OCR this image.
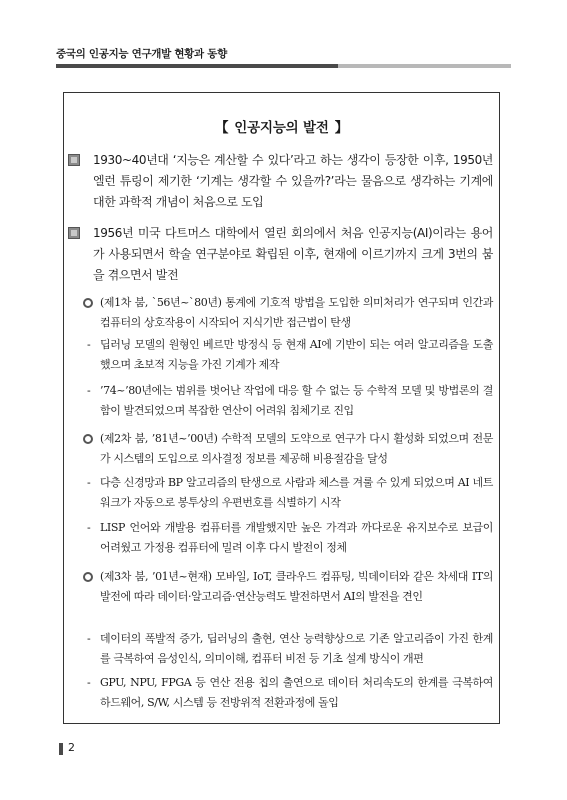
중국의 인공지능 연구개발 현황과 동향
【 인공지능의 발전 】
1930~40년대 ‘지능은 계산할 수 있다’라고 하는 생각이 등장한 이후, 1950년 엘런 튜링이 제기한 ‘기계는 생각할 수 있을까?’라는 물음으로 생각하는 기계에 대한 과학적 개념이 처음으로 도입
1956년 미국 다트머스 대학에서 열린 회의에서 처음 인공지능(AI)이라는 용어가 사용되면서 학술 연구분야로 확립된 이후, 현재에 이르기까지 크게 3번의 붐을 겪으면서 발전
(제1차 붐, `56년~`80년) 통계에 기호적 방법을 도입한 의미처리가 연구되며 인간과 컴퓨터의 상호작용이 시작되어 지식기반 접근법이 탄생
- 딥러닝 모델의 원형인 베르만 방정식 등 현재 AI에 기반이 되는 여러 알고리즘을 도출했으며 초보적 지능을 가진 기계가 제작
- ’74~’80년에는 범위를 벗어난 작업에 대응 할 수 없는 등 수학적 모델 및 방법론의 결함이 발견되었으며 복잡한 연산이 어려워 침체기로 진입
(제2차 붐, ’81년~’00년) 수학적 모델의 도약으로 연구가 다시 활성화 되었으며 전문가 시스템의 도입으로 의사결정 정보를 제공해 비용절감을 달성
- 다층 신경망과 BP 알고리즘의 탄생으로 사람과 체스를 겨룰 수 있게 되었으며 AI 네트워크가 자동으로 봉투상의 우편번호를 식별하기 시작
- LISP 언어와 개발용 컴퓨터를 개발했지만 높은 가격과 까다로운 유지보수로 보급이 어려웠고 가정용 컴퓨터에 밀려 이후 다시 발전이 정체
(제3차 붐, ’01년~현재) 모바일, IoT, 클라우드 컴퓨팅, 빅데이터와 같은 차세대 IT의 발전에 따라 데이터·알고리즘·연산능력도 발전하면서 AI의 발전을 견인
- 데이터의 폭발적 증가, 딥러닝의 출현, 연산 능력향상으로 기존 알고리즘이 가진 한계를 극복하여 음성인식, 의미이해, 컴퓨터 비전 등 기초 설계 방식이 개편
- GPU, NPU, FPGA 등 연산 전용 칩의 출연으로 데이터 처리속도의 한계를 극복하여 하드웨어, S/W, 시스템 등 전방위적 전환과정에 돌입
2
